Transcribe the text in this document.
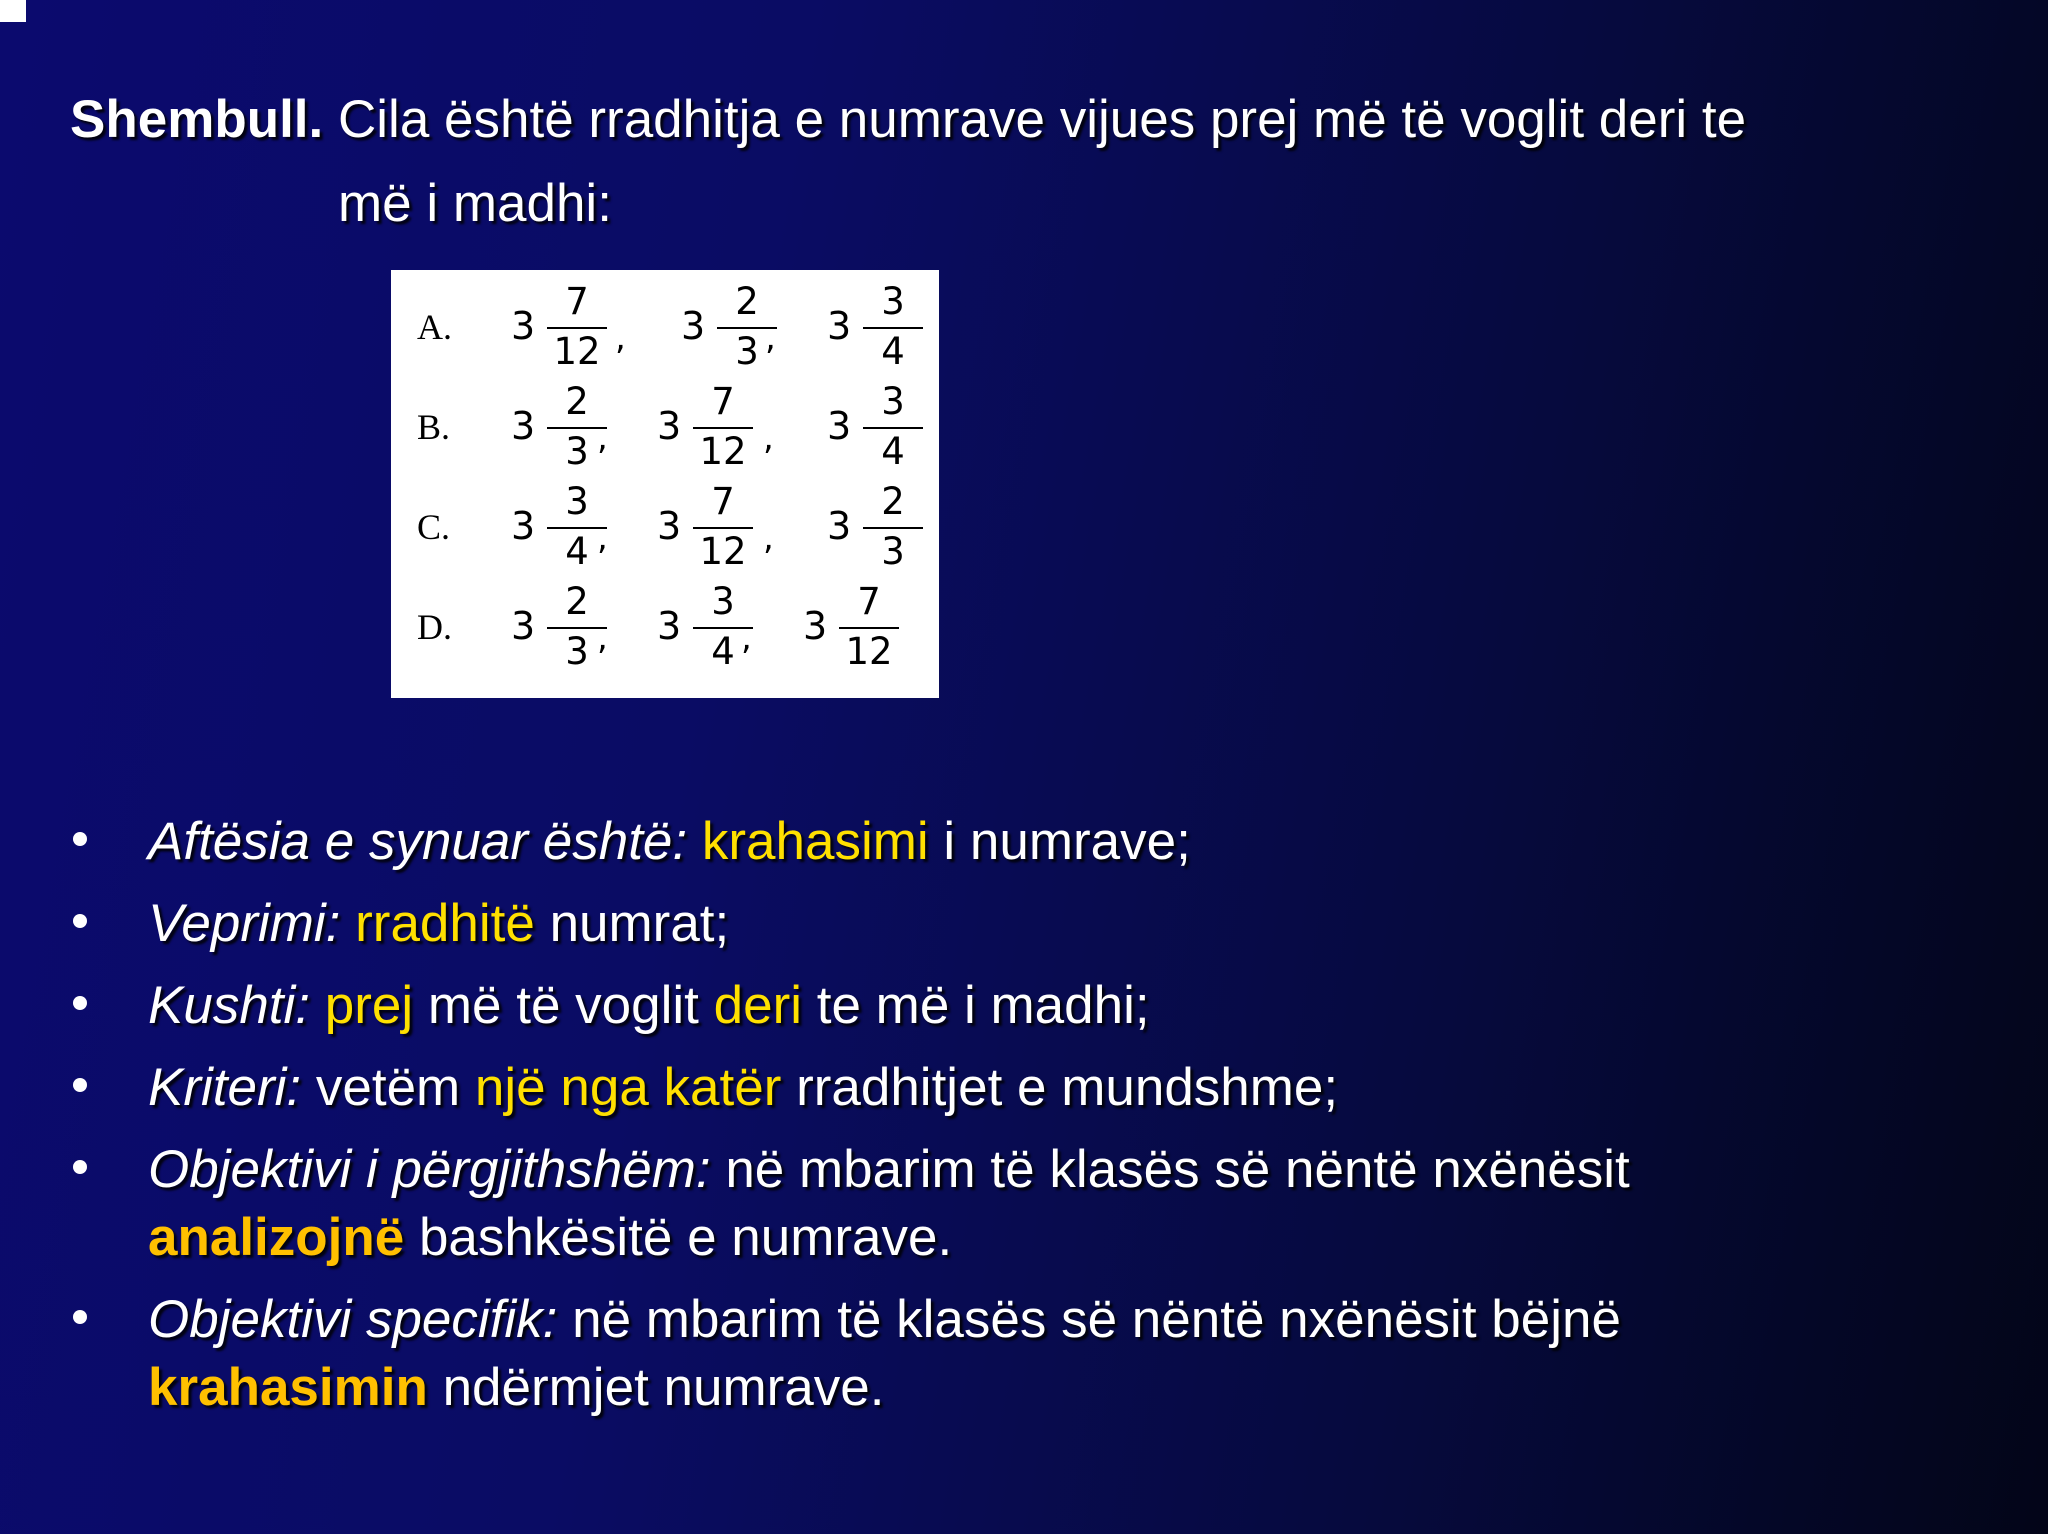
Shembull. Cila është rradhitja e numrave vijues prej më të voglit deri te
më i madhi:
A. 3
7
12 , 3
2
3 , 3
3
4
B. 3
2
3 , 3
7
12 , 3
3
4
C. 3
3
4 , 3
7
12 , 3
2
3
D. 3
2
3 , 3
3
4 , 3
7
12
Aftësia e synuar është: krahasimi i numrave;
Veprimi: rradhitë numrat;
Kushti: prej më të voglit deri te më i madhi;
Kriteri: vetëm një nga katër rradhitjet e mundshme;
Objektivi i përgjithshëm: në mbarim të klasës së nëntë nxënësit
analizojnë bashkësitë e numrave.
Objektivi specifik: në mbarim të klasës së nëntë nxënësit bëjnë
krahasimin ndërmjet numrave.
